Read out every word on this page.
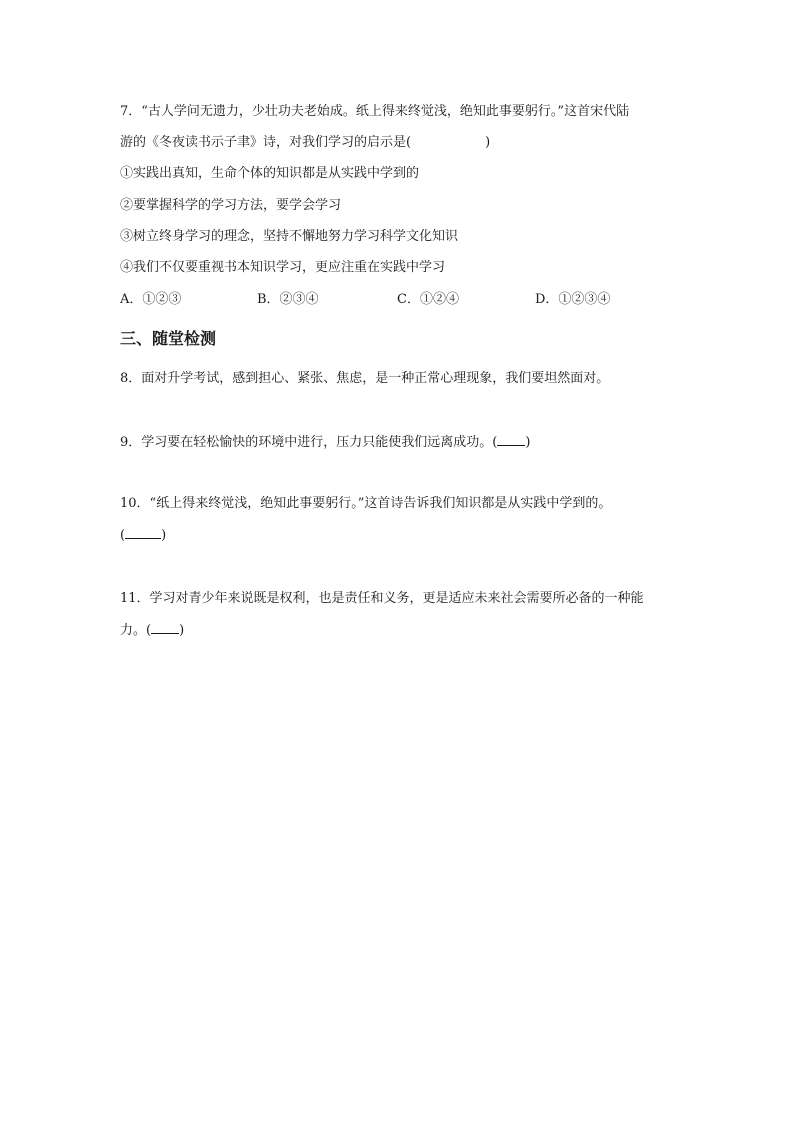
7．“古人学问无遗力，少壮功夫老始成。纸上得来终觉浅，绝知此事要躬行。”这首宋代陆
游的《冬夜读书示子聿》诗，对我们学习的启示是(	)
①实践出真知，生命个体的知识都是从实践中学到的
②要掌握科学的学习方法，要学会学习
③树立终身学习的理念，坚持不懈地努力学习科学文化知识
④我们不仅要重视书本知识学习，更应注重在实践中学习
A．①②③	B．②③④	C．①②④	D．①②③④
三、随堂检测
8．面对升学考试，感到担心、紧张、焦虑，是一种正常心理现象，我们要坦然面对。
9．学习要在轻松愉快的环境中进行，压力只能使我们远离成功。( )
10．“纸上得来终觉浅，绝知此事要躬行。”这首诗告诉我们知识都是从实践中学到的。
(	)
11．学习对青少年来说既是权利，也是责任和义务，更是适应未来社会需要所必备的一种能
力。( )
